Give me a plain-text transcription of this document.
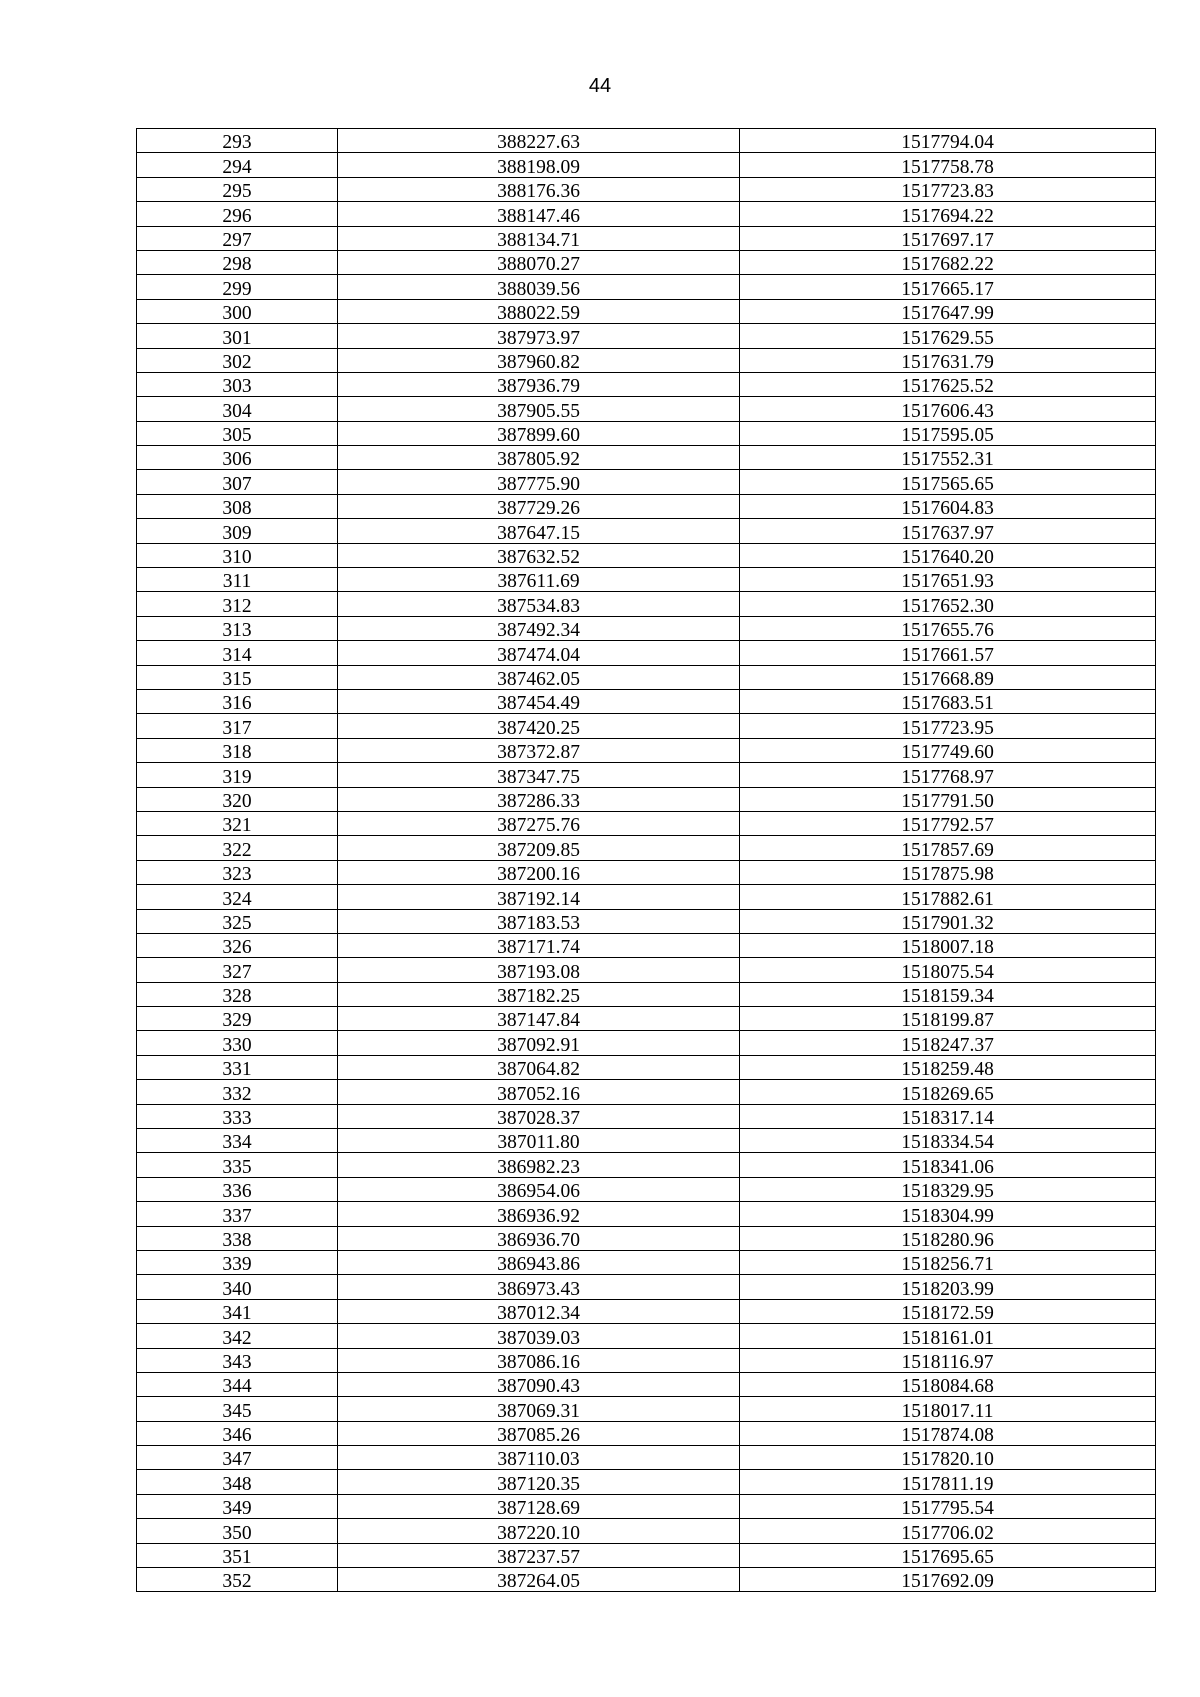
44
293	388227.63	1517794.04
294	388198.09	1517758.78
295	388176.36	1517723.83
296	388147.46	1517694.22
297	388134.71	1517697.17
298	388070.27	1517682.22
299	388039.56	1517665.17
300	388022.59	1517647.99
301	387973.97	1517629.55
302	387960.82	1517631.79
303	387936.79	1517625.52
304	387905.55	1517606.43
305	387899.60	1517595.05
306	387805.92	1517552.31
307	387775.90	1517565.65
308	387729.26	1517604.83
309	387647.15	1517637.97
310	387632.52	1517640.20
311	387611.69	1517651.93
312	387534.83	1517652.30
313	387492.34	1517655.76
314	387474.04	1517661.57
315	387462.05	1517668.89
316	387454.49	1517683.51
317	387420.25	1517723.95
318	387372.87	1517749.60
319	387347.75	1517768.97
320	387286.33	1517791.50
321	387275.76	1517792.57
322	387209.85	1517857.69
323	387200.16	1517875.98
324	387192.14	1517882.61
325	387183.53	1517901.32
326	387171.74	1518007.18
327	387193.08	1518075.54
328	387182.25	1518159.34
329	387147.84	1518199.87
330	387092.91	1518247.37
331	387064.82	1518259.48
332	387052.16	1518269.65
333	387028.37	1518317.14
334	387011.80	1518334.54
335	386982.23	1518341.06
336	386954.06	1518329.95
337	386936.92	1518304.99
338	386936.70	1518280.96
339	386943.86	1518256.71
340	386973.43	1518203.99
341	387012.34	1518172.59
342	387039.03	1518161.01
343	387086.16	1518116.97
344	387090.43	1518084.68
345	387069.31	1518017.11
346	387085.26	1517874.08
347	387110.03	1517820.10
348	387120.35	1517811.19
349	387128.69	1517795.54
350	387220.10	1517706.02
351	387237.57	1517695.65
352	387264.05	1517692.09
